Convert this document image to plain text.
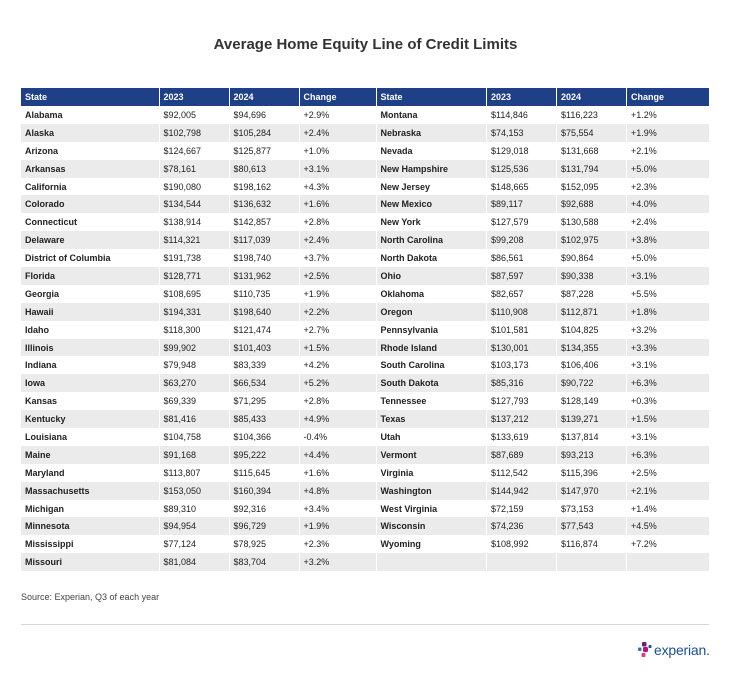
Average Home Equity Line of Credit Limits
State	2023	2024	Change
Alabama	$92,005	$94,696	+2.9%
Alaska	$102,798	$105,284	+2.4%
Arizona	$124,667	$125,877	+1.0%
Arkansas	$78,161	$80,613	+3.1%
California	$190,080	$198,162	+4.3%
Colorado	$134,544	$136,632	+1.6%
Connecticut	$138,914	$142,857	+2.8%
Delaware	$114,321	$117,039	+2.4%
District of Columbia	$191,738	$198,740	+3.7%
Florida	$128,771	$131,962	+2.5%
Georgia	$108,695	$110,735	+1.9%
Hawaii	$194,331	$198,640	+2.2%
Idaho	$118,300	$121,474	+2.7%
Illinois	$99,902	$101,403	+1.5%
Indiana	$79,948	$83,339	+4.2%
Iowa	$63,270	$66,534	+5.2%
Kansas	$69,339	$71,295	+2.8%
Kentucky	$81,416	$85,433	+4.9%
Louisiana	$104,758	$104,366	-0.4%
Maine	$91,168	$95,222	+4.4%
Maryland	$113,807	$115,645	+1.6%
Massachusetts	$153,050	$160,394	+4.8%
Michigan	$89,310	$92,316	+3.4%
Minnesota	$94,954	$96,729	+1.9%
Mississippi	$77,124	$78,925	+2.3%
Missouri	$81,084	$83,704	+3.2%
State	2023	2024	Change
Montana	$114,846	$116,223	+1.2%
Nebraska	$74,153	$75,554	+1.9%
Nevada	$129,018	$131,668	+2.1%
New Hampshire	$125,536	$131,794	+5.0%
New Jersey	$148,665	$152,095	+2.3%
New Mexico	$89,117	$92,688	+4.0%
New York	$127,579	$130,588	+2.4%
North Carolina	$99,208	$102,975	+3.8%
North Dakota	$86,561	$90,864	+5.0%
Ohio	$87,597	$90,338	+3.1%
Oklahoma	$82,657	$87,228	+5.5%
Oregon	$110,908	$112,871	+1.8%
Pennsylvania	$101,581	$104,825	+3.2%
Rhode Island	$130,001	$134,355	+3.3%
South Carolina	$103,173	$106,406	+3.1%
South Dakota	$85,316	$90,722	+6.3%
Tennessee	$127,793	$128,149	+0.3%
Texas	$137,212	$139,271	+1.5%
Utah	$133,619	$137,814	+3.1%
Vermont	$87,689	$93,213	+6.3%
Virginia	$112,542	$115,396	+2.5%
Washington	$144,942	$147,970	+2.1%
West Virginia	$72,159	$73,153	+1.4%
Wisconsin	$74,236	$77,543	+4.5%
Wyoming	$108,992	$116,874	+7.2%

Source: Experian, Q3 of each year
experian.
